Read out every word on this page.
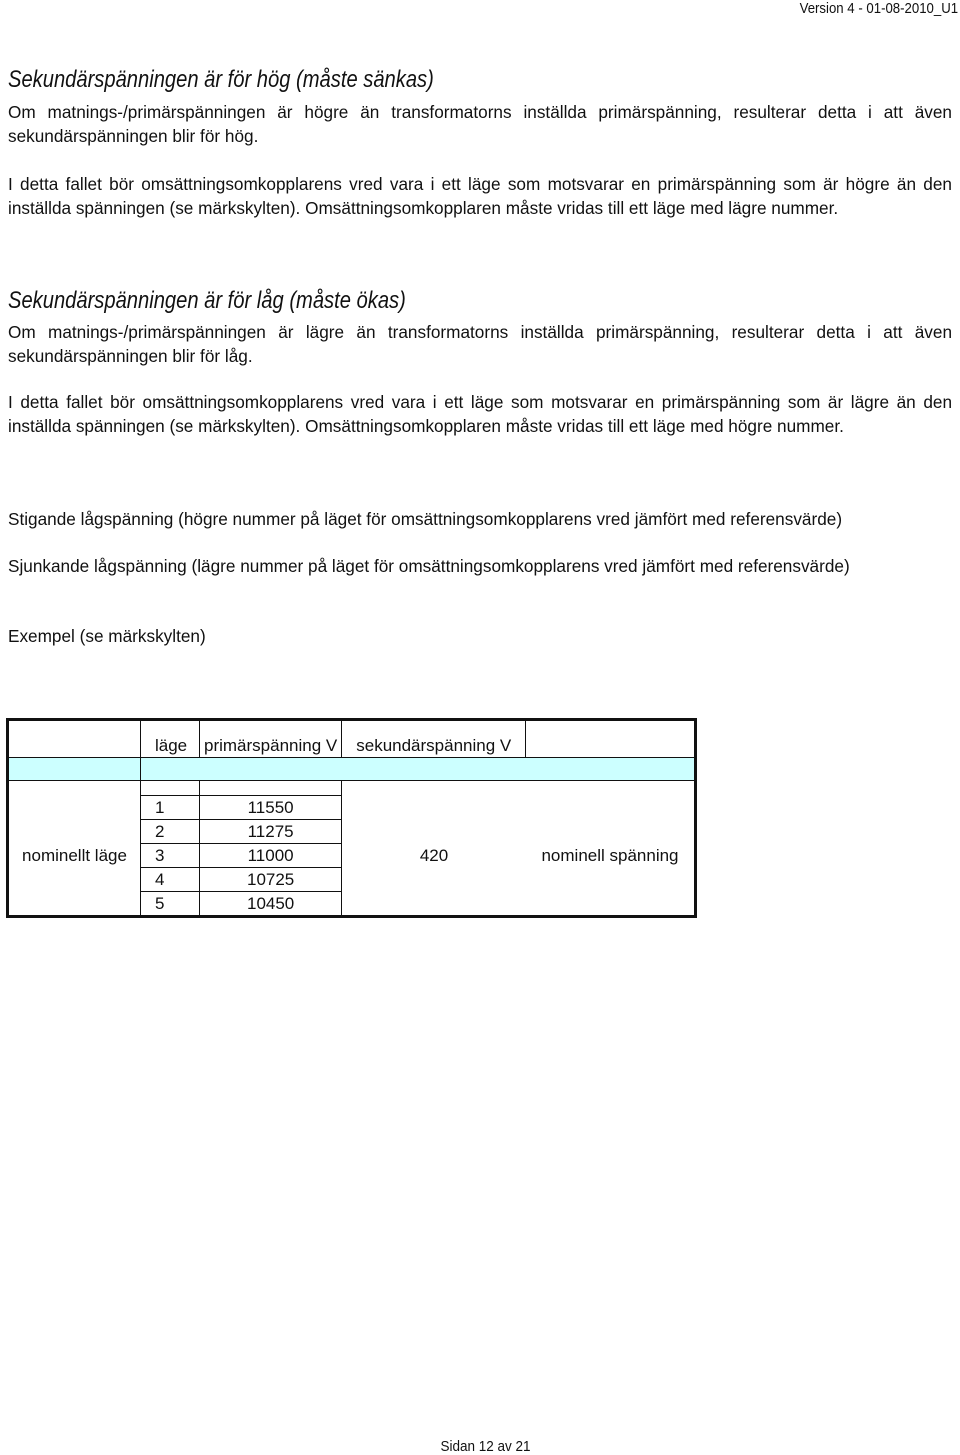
Version 4 - 01-08-2010_U1
Sekundärspänningen är för hög (måste sänkas)

Om matnings-/primärspänningen är högre än transformatorns inställda primärspänning, resulterar detta i att även sekundärspänningen blir för hög.

I detta fallet bör omsättningsomkopplarens vred vara i ett läge som motsvarar en primärspänning som är högre än den inställda spänningen (se märkskylten). Omsättningsomkopplaren måste vridas till ett läge med lägre nummer.

Sekundärspänningen är för låg (måste ökas)

Om matnings-/primärspänningen är lägre än transformatorns inställda primärspänning, resulterar detta i att även sekundärspänningen blir för låg.

I detta fallet bör omsättningsomkopplarens vred vara i ett läge som motsvarar en primärspänning som är lägre än den inställda spänningen (se märkskylten). Omsättningsomkopplaren måste vridas till ett läge med högre nummer.

Stigande lågspänning (högre nummer på läget för omsättningsomkopplarens vred jämfört med referensvärde)

Sjunkande lågspänning (lägre nummer på läget för omsättningsomkopplarens vred jämfört med referensvärde)

Exempel (se märkskylten)

	läge	primärspänning V	sekundärspänning V	

	1	11550		
	2	11275		
nominellt läge	3	11000	420	nominell spänning
	4	10725		
	5	10450		
Sidan 12 av 21
